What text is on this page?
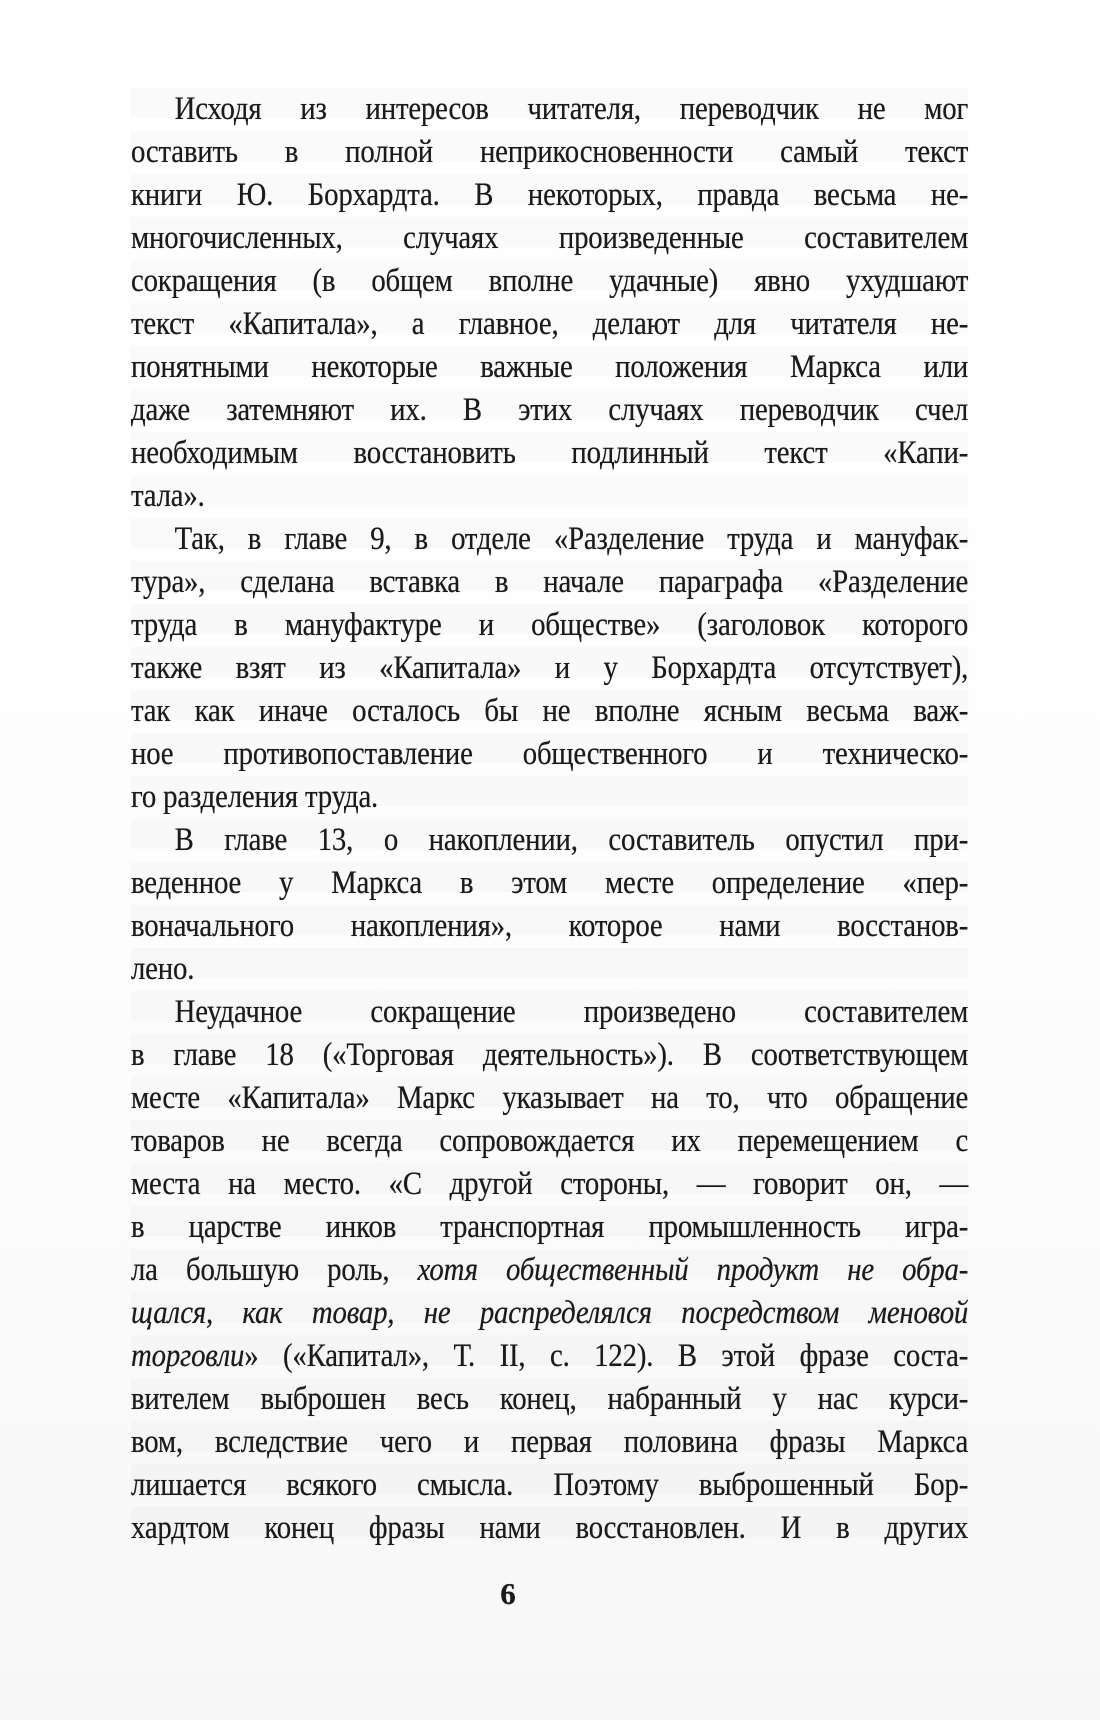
Исходя из интересов читателя, переводчик не мог
оставить в полной неприкосновенности самый текст
книги Ю. Борхардта. В некоторых, правда весьма не-
многочисленных, случаях произведенные составителем
сокращения (в общем вполне удачные) явно ухудшают
текст «Капитала», а главное, делают для читателя не-
понятными некоторые важные положения Маркса или
даже затемняют их. В этих случаях переводчик счел
необходимым восстановить подлинный текст «Капи-
тала».
Так, в главе 9, в отделе «Разделение труда и мануфак-
тура», сделана вставка в начале параграфа «Разделение
труда в мануфактуре и обществе» (заголовок которого
также взят из «Капитала» и у Борхардта отсутствует),
так как иначе осталось бы не вполне ясным весьма важ-
ное противопоставление общественного и техническо-
го разделения труда.
В главе 13, о накоплении, составитель опустил при-
веденное у Маркса в этом месте определение «пер-
воначального накопления», которое нами восстанов-
лено.
Неудачное сокращение произведено составителем
в главе 18 («Торговая деятельность»). В соответствующем
месте «Капитала» Маркс указывает на то, что обращение
товаров не всегда сопровождается их перемещением с
места на место. «С другой стороны, — говорит он, —
в царстве инков транспортная промышленность игра-
ла большую роль, хотя общественный продукт не обра-
щался, как товар, не распределялся посредством меновой
торговли» («Капитал», Т. II, с. 122). В этой фразе соста-
вителем выброшен весь конец, набранный у нас курси-
вом, вследствие чего и первая половина фразы Маркса
лишается всякого смысла. Поэтому выброшенный Бор-
хардтом конец фразы нами восстановлен. И в других
6
